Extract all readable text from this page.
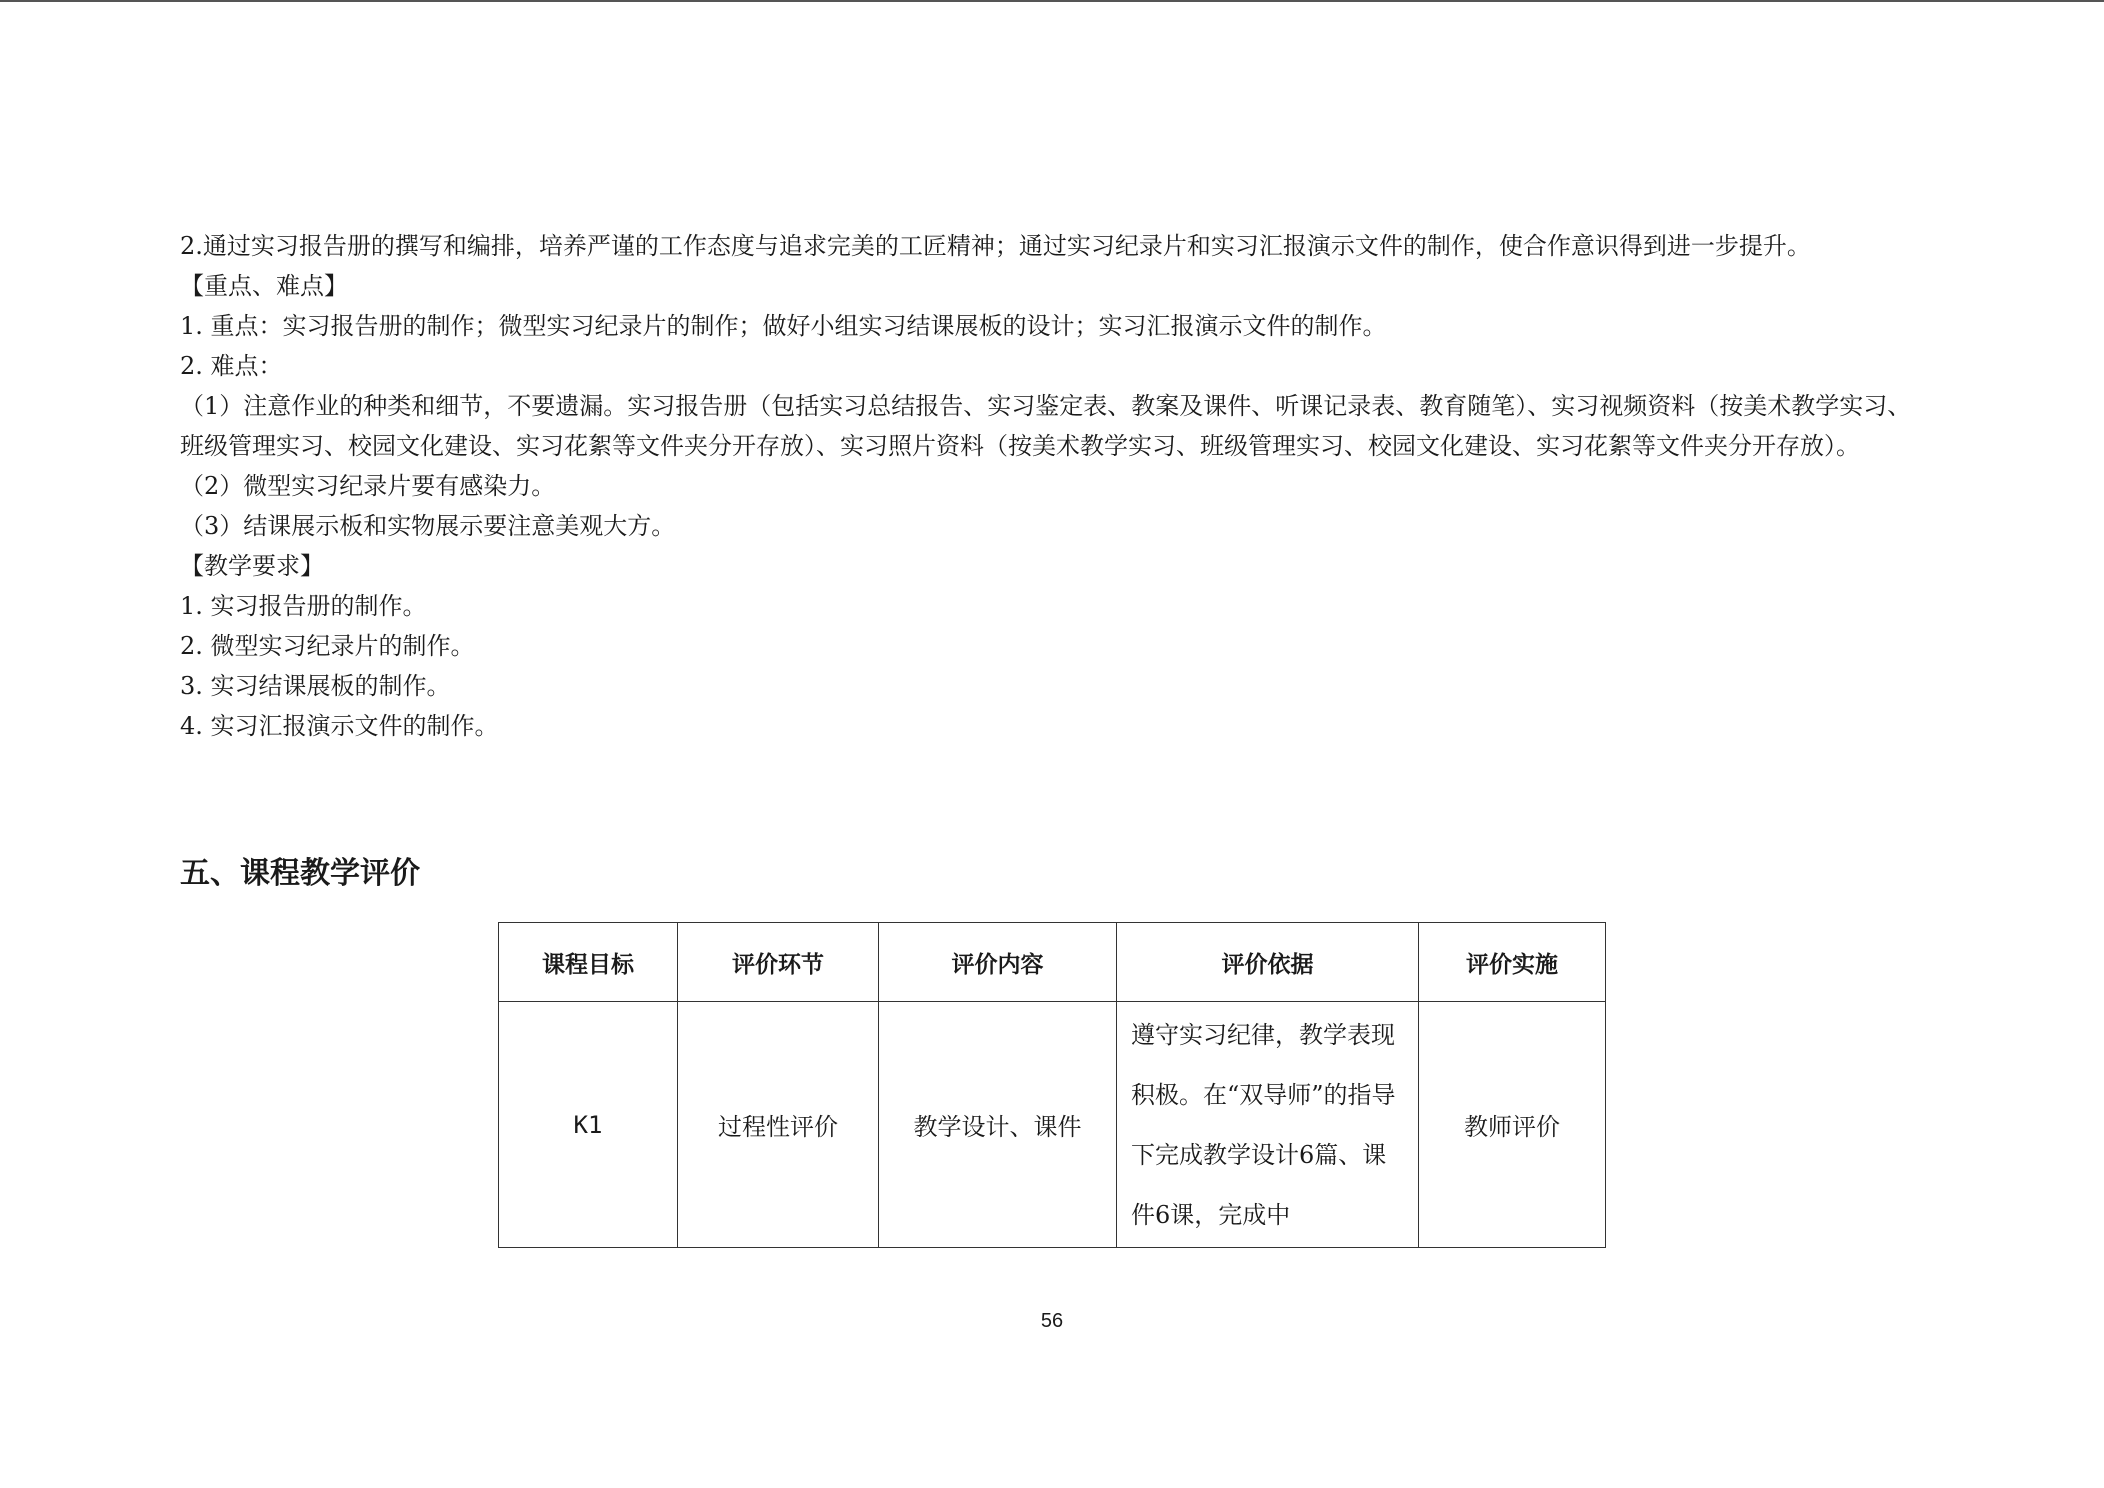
2.通过实习报告册的撰写和编排，培养严谨的工作态度与追求完美的工匠精神；通过实习纪录片和实习汇报演示文件的制作，使合作意识得到进一步提升。

【重点、难点】

1. 重点：实习报告册的制作；微型实习纪录片的制作；做好小组实习结课展板的设计；实习汇报演示文件的制作。

2. 难点：

（1）注意作业的种类和细节，不要遗漏。实习报告册（包括实习总结报告、实习鉴定表、教案及课件、听课记录表、教育随笔）、实习视频资料（按美术教学实习、班级管理实习、校园文化建设、实习花絮等文件夹分开存放）、实习照片资料（按美术教学实习、班级管理实习、校园文化建设、实习花絮等文件夹分开存放）。

（2）微型实习纪录片要有感染力。

（3）结课展示板和实物展示要注意美观大方。

【教学要求】

1. 实习报告册的制作。

2. 微型实习纪录片的制作。

3. 实习结课展板的制作。

4. 实习汇报演示文件的制作。

五、课程教学评价
课程目标	评价环节	评价内容	评价依据	评价实施
K1	过程性评价	教学设计、课件	遵守实习纪律，教学表现积极。在“双导师”的指导下完成教学设计6篇、课件6课，完成中	教师评价
56
